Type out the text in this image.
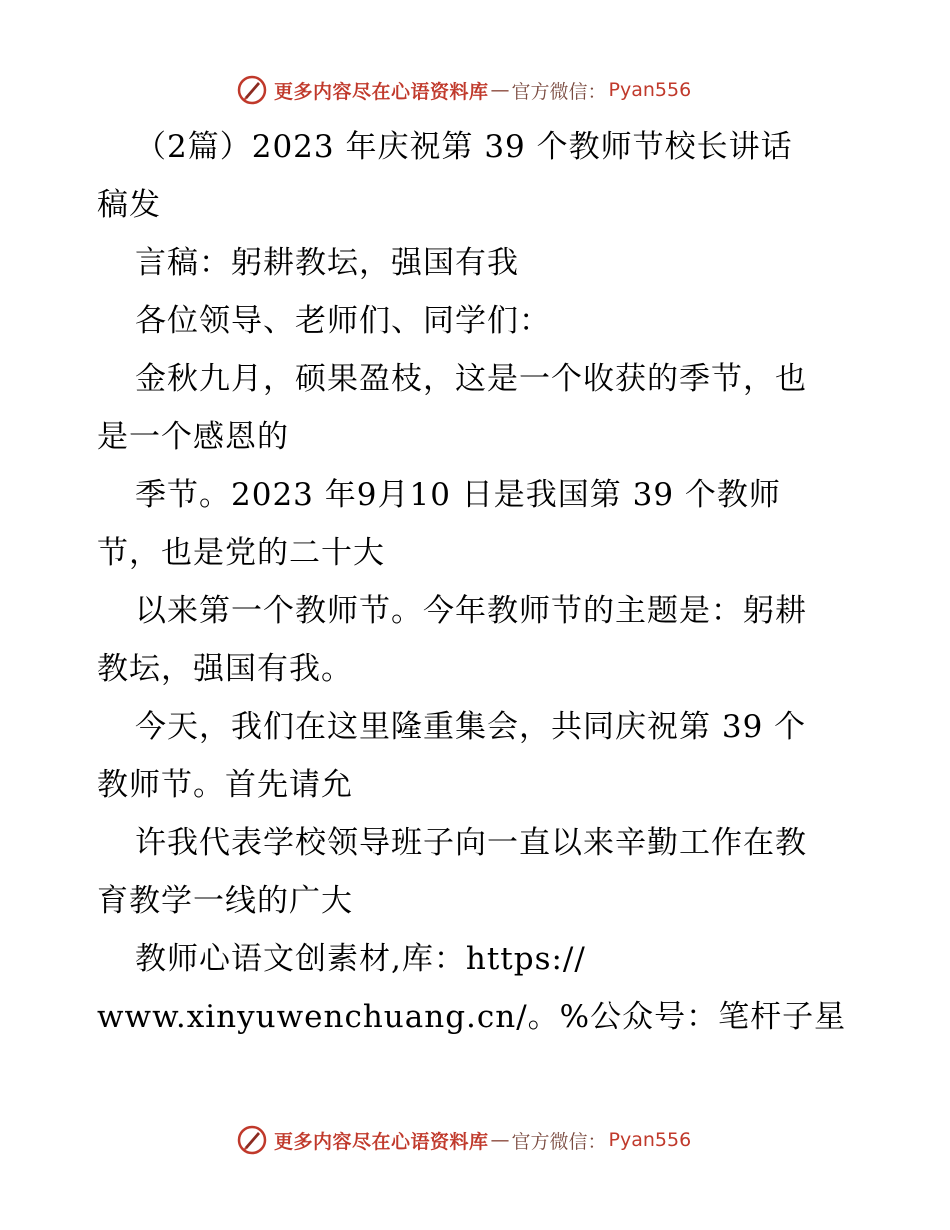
更多内容尽在心语资料库 — 官方微信： Pyan556
（2篇）2023 年庆祝第 39 个教师节校长讲话
稿发
言稿：躬耕教坛，强国有我
各位领导、老师们、同学们：
金秋九月，硕果盈枝，这是一个收获的季节，也
是一个感恩的
季节。2023 年9月10 日是我国第 39 个教师
节，也是党的二十大
以来第一个教师节。今年教师节的主题是：躬耕
教坛，强国有我。
今天，我们在这里隆重集会，共同庆祝第 39 个
教师节。首先请允
许我代表学校领导班子向一直以来辛勤工作在教
育教学一线的广大
教师心语文创素材,库：https://
www.xinyuwenchuang.cn/。%公众号：笔杆子星
更多内容尽在心语资料库 — 官方微信： Pyan556
